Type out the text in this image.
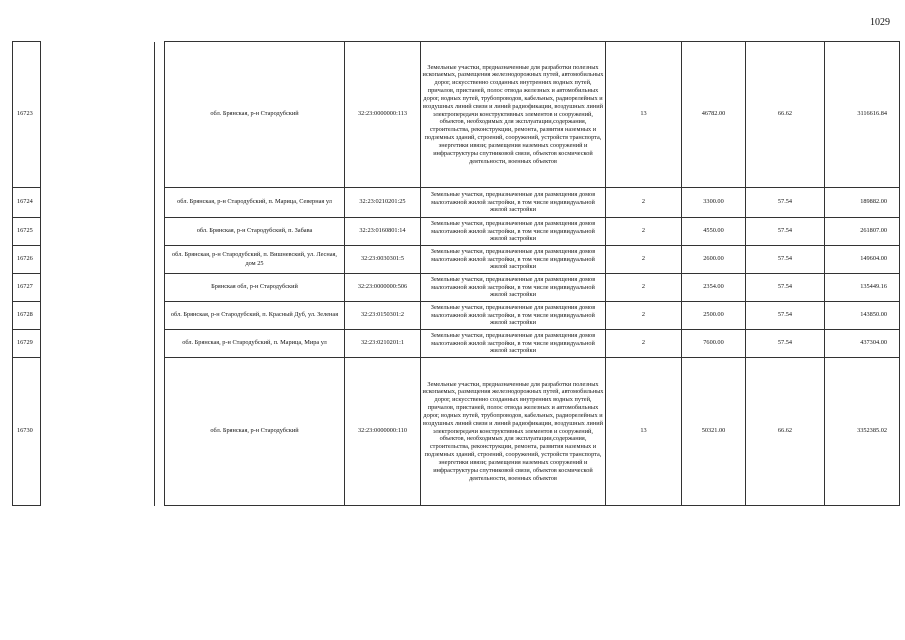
1029
16723			обл. Брянская, р-н Стародубский	32:23:0000000:113	Земельные участки, предназначенные для разработки полезных ископаемых, размещения железнодорожных путей, автомобильных дорог, искусственно созданных внутренних водных путей, причалов, пристаней, полос отвода железных и автомобильных дорог, водных путей, трубопроводов, кабельных, радиорелейных и воздушных линий связи и линий радиофикации, воздушных линий электропередачи конструктивных элементов и сооружений, объектов, необходимых для эксплуатации,содержания, строительства, реконструкции, ремонта, развития наземных и подземных зданий, строений, сооружений, устройств транспорта, энергетики ивязи; размещения наземных сооружений и инфраструктуры спутниковой связи, объектов космической деятельности, военных объектов	13	46782.00	66.62	3116616.84
16724			обл. Брянская, р-н Стародубский, п. Марица, Северная ул	32:23:0210201:25	Земельные участки, предназначенные для размещения домов малоэтажной жилой застройки, в том числе индивидуальной жилой застройки	2	3300.00	57.54	189882.00
16725			обл. Брянская, р-н Стародубский, п. Забава	32:23:0160801:14	Земельные участки, предназначенные для размещения домов малоэтажной жилой застройки, в том числе индивидуальной жилой застройки	2	4550.00	57.54	261807.00
16726			обл. Брянская, р-н Стародубский, п. Вишневский, ул. Лесная, дом 25	32:23:0030301:5	Земельные участки, предназначенные для размещения домов малоэтажной жилой застройки, в том числе индивидуальной жилой застройки	2	2600.00	57.54	149604.00
16727			Брянская обл, р-н Стародубский	32:23:0000000:506	Земельные участки, предназначенные для размещения домов малоэтажной жилой застройки, в том числе индивидуальной жилой застройки	2	2354.00	57.54	135449.16
16728			обл. Брянская, р-н Стародубский, п. Красный Дуб, ул. Зеленая	32:23:0150301:2	Земельные участки, предназначенные для размещения домов малоэтажной жилой застройки, в том числе индивидуальной жилой застройки	2	2500.00	57.54	143850.00
16729			обл. Брянская, р-н Стародубский, п. Марица, Мира ул	32:23:0210201:1	Земельные участки, предназначенные для размещения домов малоэтажной жилой застройки, в том числе индивидуальной жилой застройки	2	7600.00	57.54	437304.00
16730			обл. Брянская, р-н Стародубский	32:23:0000000:110	Земельные участки, предназначенные для разработки полезных ископаемых, размещения железнодорожных путей, автомобильных дорог, искусственно созданных внутренних водных путей, причалов, пристаней, полос отвода железных и автомобильных дорог, водных путей, трубопроводов, кабельных, радиорелейных и воздушных линий связи и линий радиофикации, воздушных линий электропередачи конструктивных элементов и сооружений, объектов, необходимых для эксплуатации,содержания, строительства, реконструкции, ремонта, развития наземных и подземных зданий, строений, сооружений, устройств транспорта, энергетики ивязи; размещения наземных сооружений и инфраструктуры спутниковой связи, объектов космической деятельности, военных объектов	13	50321.00	66.62	3352385.02
